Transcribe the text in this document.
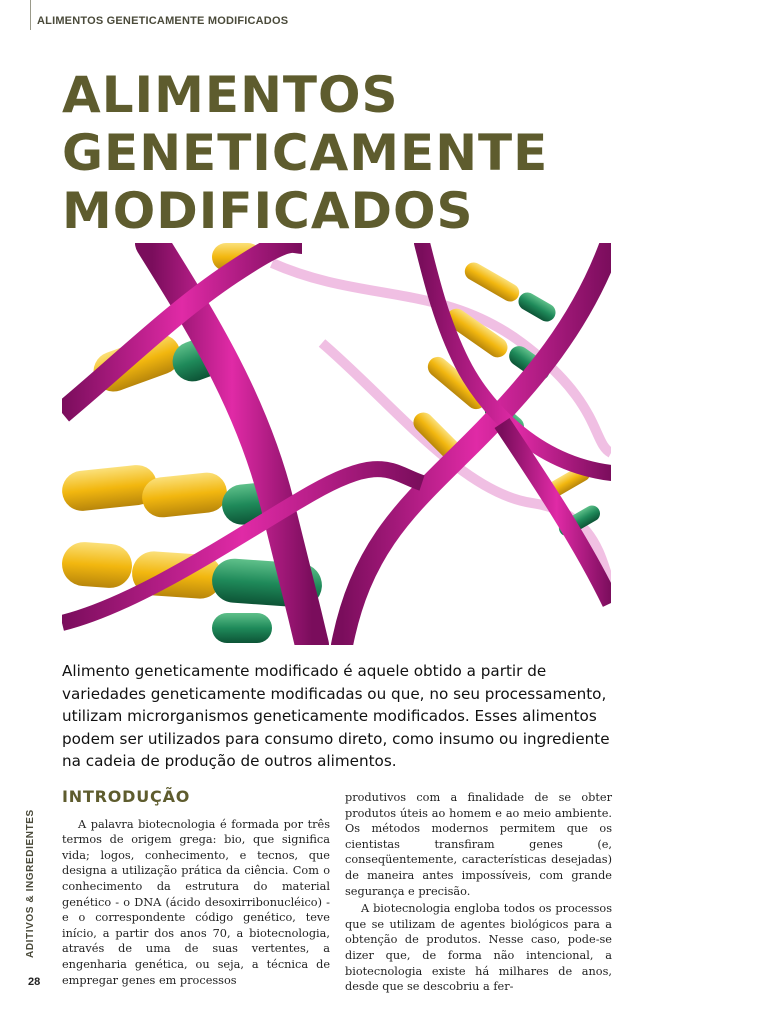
ALIMENTOS GENETICAMENTE MODIFICADOS
ALIMENTOS
GENETICAMENTE
MODIFICADOS

Alimento geneticamente modificado é aquele obtido a partir de variedades geneticamente modificadas ou que, no seu processamento, utilizam microrganismos geneticamente modificados. Esses alimentos podem ser utilizados para consumo direto, como insumo ou ingrediente na cadeia de produção de outros alimentos.

ADITIVOS & INGREDIENTES
28
INTRODUÇÃO

A palavra biotecnologia é formada por três termos de origem grega: bio, que significa vida; logos, conhecimento, e tecnos, que designa a utilização prática da ciência. Com o conhecimento da estrutura do material genético - o DNA (ácido desoxirribonucléico) - e o correspondente código genético, teve início, a partir dos anos 70, a biotecnologia, através de uma de suas vertentes, a engenharia genética, ou seja, a técnica de empregar genes em processos

produtivos com a finalidade de se obter produtos úteis ao homem e ao meio ambiente. Os métodos modernos permitem que os cientistas transfiram genes (e, conseqüentemente, características desejadas) de maneira antes impossíveis, com grande segurança e precisão.

A biotecnologia engloba todos os processos que se utilizam de agentes biológicos para a obtenção de produtos. Nesse caso, pode-se dizer que, de forma não intencional, a biotecnologia existe há milhares de anos, desde que se descobriu a fer-
